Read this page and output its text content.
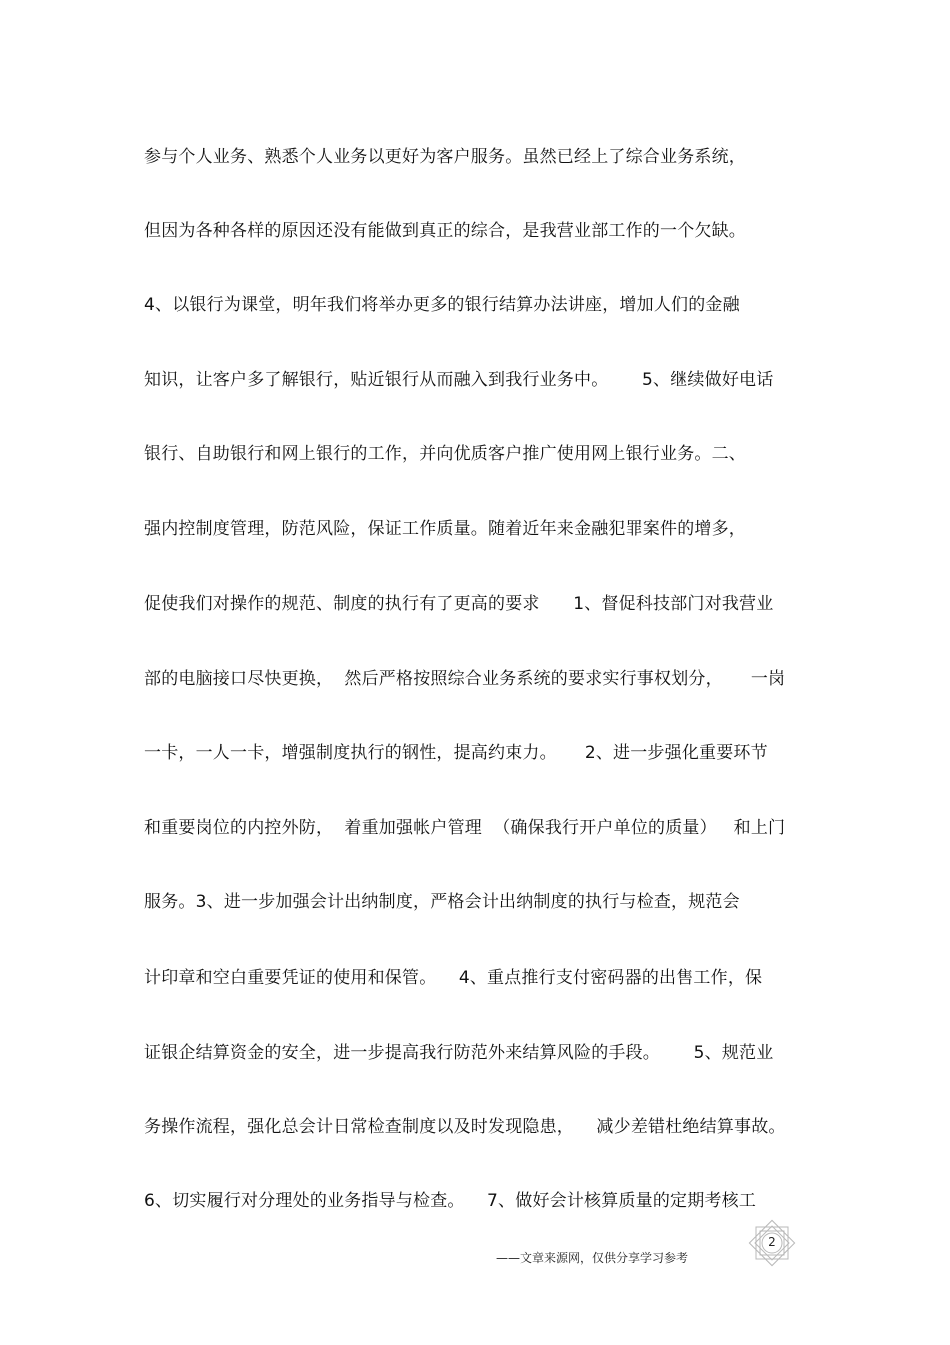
参与个人业务、熟悉个人业务以更好为客户服务。虽然已经上了综合业务系统，
但因为各种各样的原因还没有能做到真正的综合，是我营业部工作的一个欠缺。
4、以银行为课堂，明年我们将举办更多的银行结算办法讲座，增加人们的金融
知识，让客户多了解银行，贴近银行从而融入到我行业务中。      5、继续做好电话
银行、自助银行和网上银行的工作，并向优质客户推广使用网上银行业务。二、
强内控制度管理，防范风险，保证工作质量。随着近年来金融犯罪案件的增多，
促使我们对操作的规范、制度的执行有了更高的要求      1、督促科技部门对我营业
部的电脑接口尽快更换，  然后严格按照综合业务系统的要求实行事权划分，     一岗
一卡，一人一卡，增强制度执行的钢性，提高约束力。     2、进一步强化重要环节
和重要岗位的内控外防，  着重加强帐户管理  （确保我行开户单位的质量）   和上门
服务。3、进一步加强会计出纳制度，严格会计出纳制度的执行与检查，规范会
计印章和空白重要凭证的使用和保管。    4、重点推行支付密码器的出售工作，保
证银企结算资金的安全，进一步提高我行防范外来结算风险的手段。      5、规范业
务操作流程，强化总会计日常检查制度以及时发现隐患，    减少差错杜绝结算事故。
6、切实履行对分理处的业务指导与检查。    7、做好会计核算质量的定期考核工
——文章来源网，仅供分享学习参考
2
